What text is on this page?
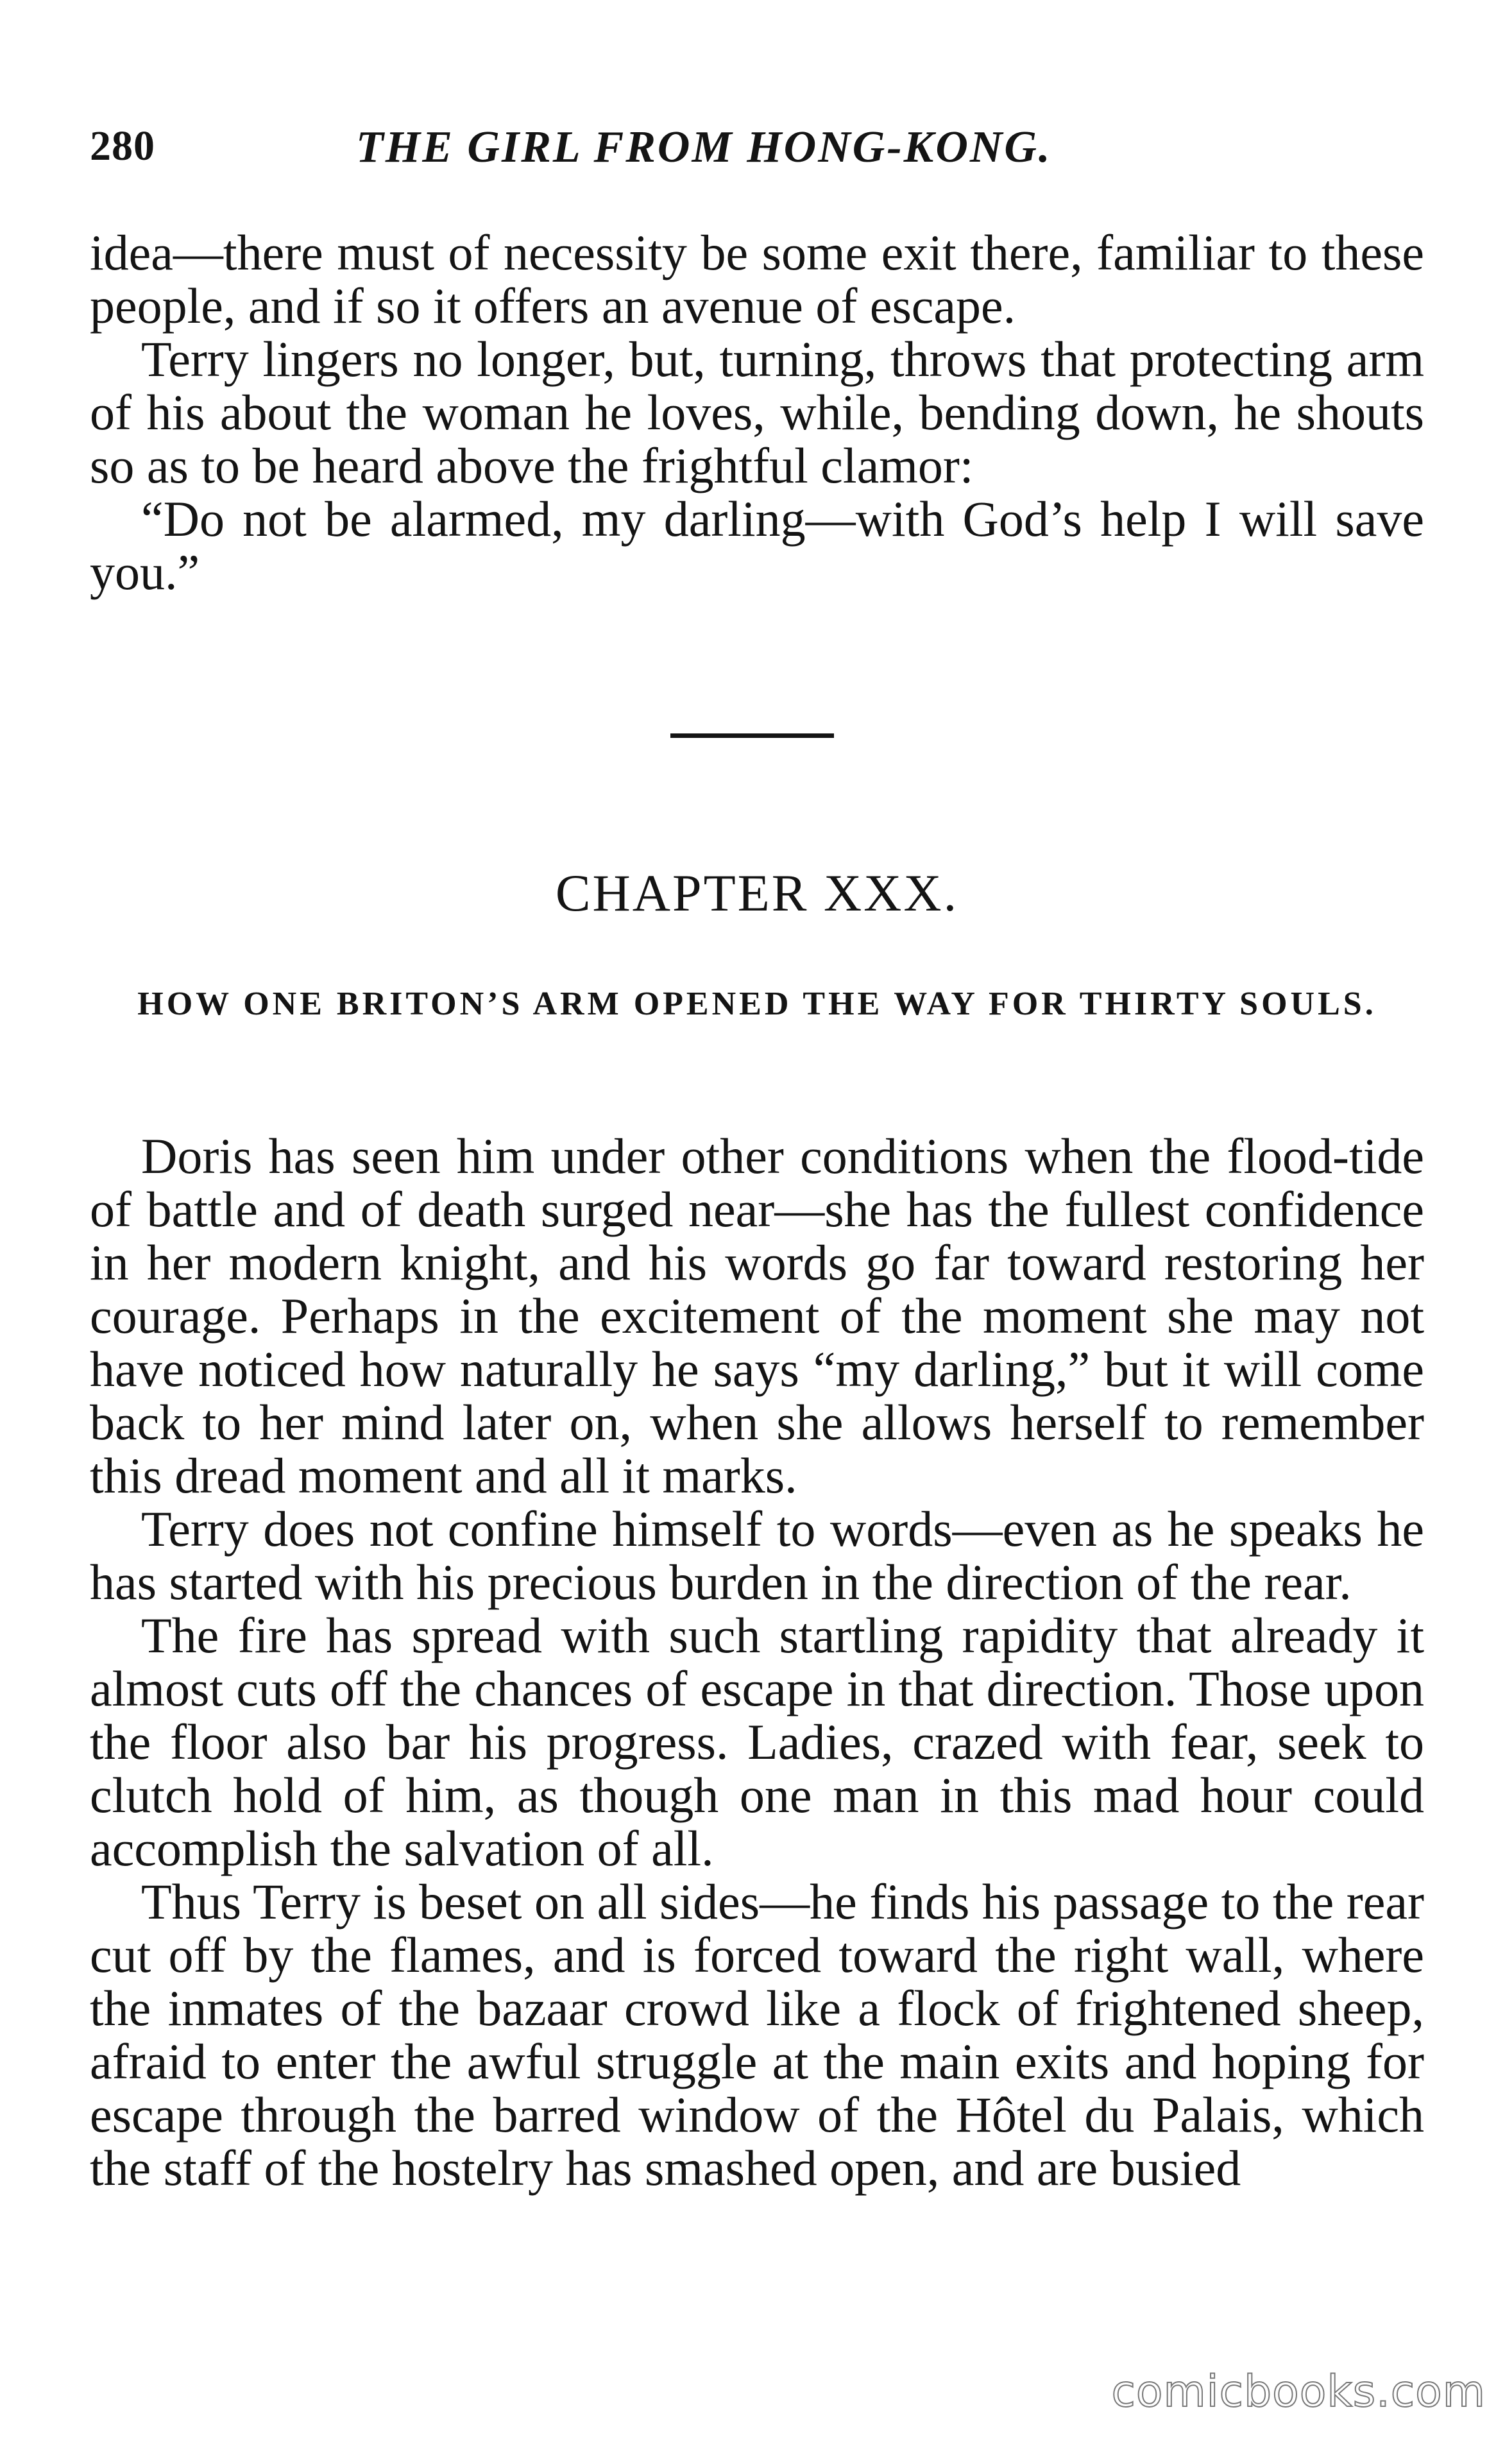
280	THE GIRL FROM HONG-KONG.

idea—there must of necessity be some exit there, familiar to these people, and if so it offers an avenue of escape.

Terry lingers no longer, but, turning, throws that protecting arm of his about the woman he loves, while, bending down, he shouts so as to be heard above the frightful clamor:

“Do not be alarmed, my darling—with God’s help I will save you.”

CHAPTER XXX.
HOW ONE BRITON’S ARM OPENED THE WAY FOR THIRTY SOULS.

Doris has seen him under other conditions when the flood-tide of battle and of death surged near—she has the fullest confidence in her modern knight, and his words go far toward restoring her courage. Perhaps in the excitement of the moment she may not have noticed how naturally he says “my darling,” but it will come back to her mind later on, when she allows herself to remember this dread moment and all it marks.

Terry does not confine himself to words—even as he speaks he has started with his precious burden in the direction of the rear.

The fire has spread with such startling rapidity that already it almost cuts off the chances of escape in that direction. Those upon the floor also bar his progress. Ladies, crazed with fear, seek to clutch hold of him, as though one man in this mad hour could accomplish the salvation of all.

Thus Terry is beset on all sides—he finds his passage to the rear cut off by the flames, and is forced toward the right wall, where the inmates of the bazaar crowd like a flock of frightened sheep, afraid to enter the awful struggle at the main exits and hoping for escape through the barred window of the Hôtel du Palais, which the staff of the hostelry has smashed open, and are busied

comicbooks.com
